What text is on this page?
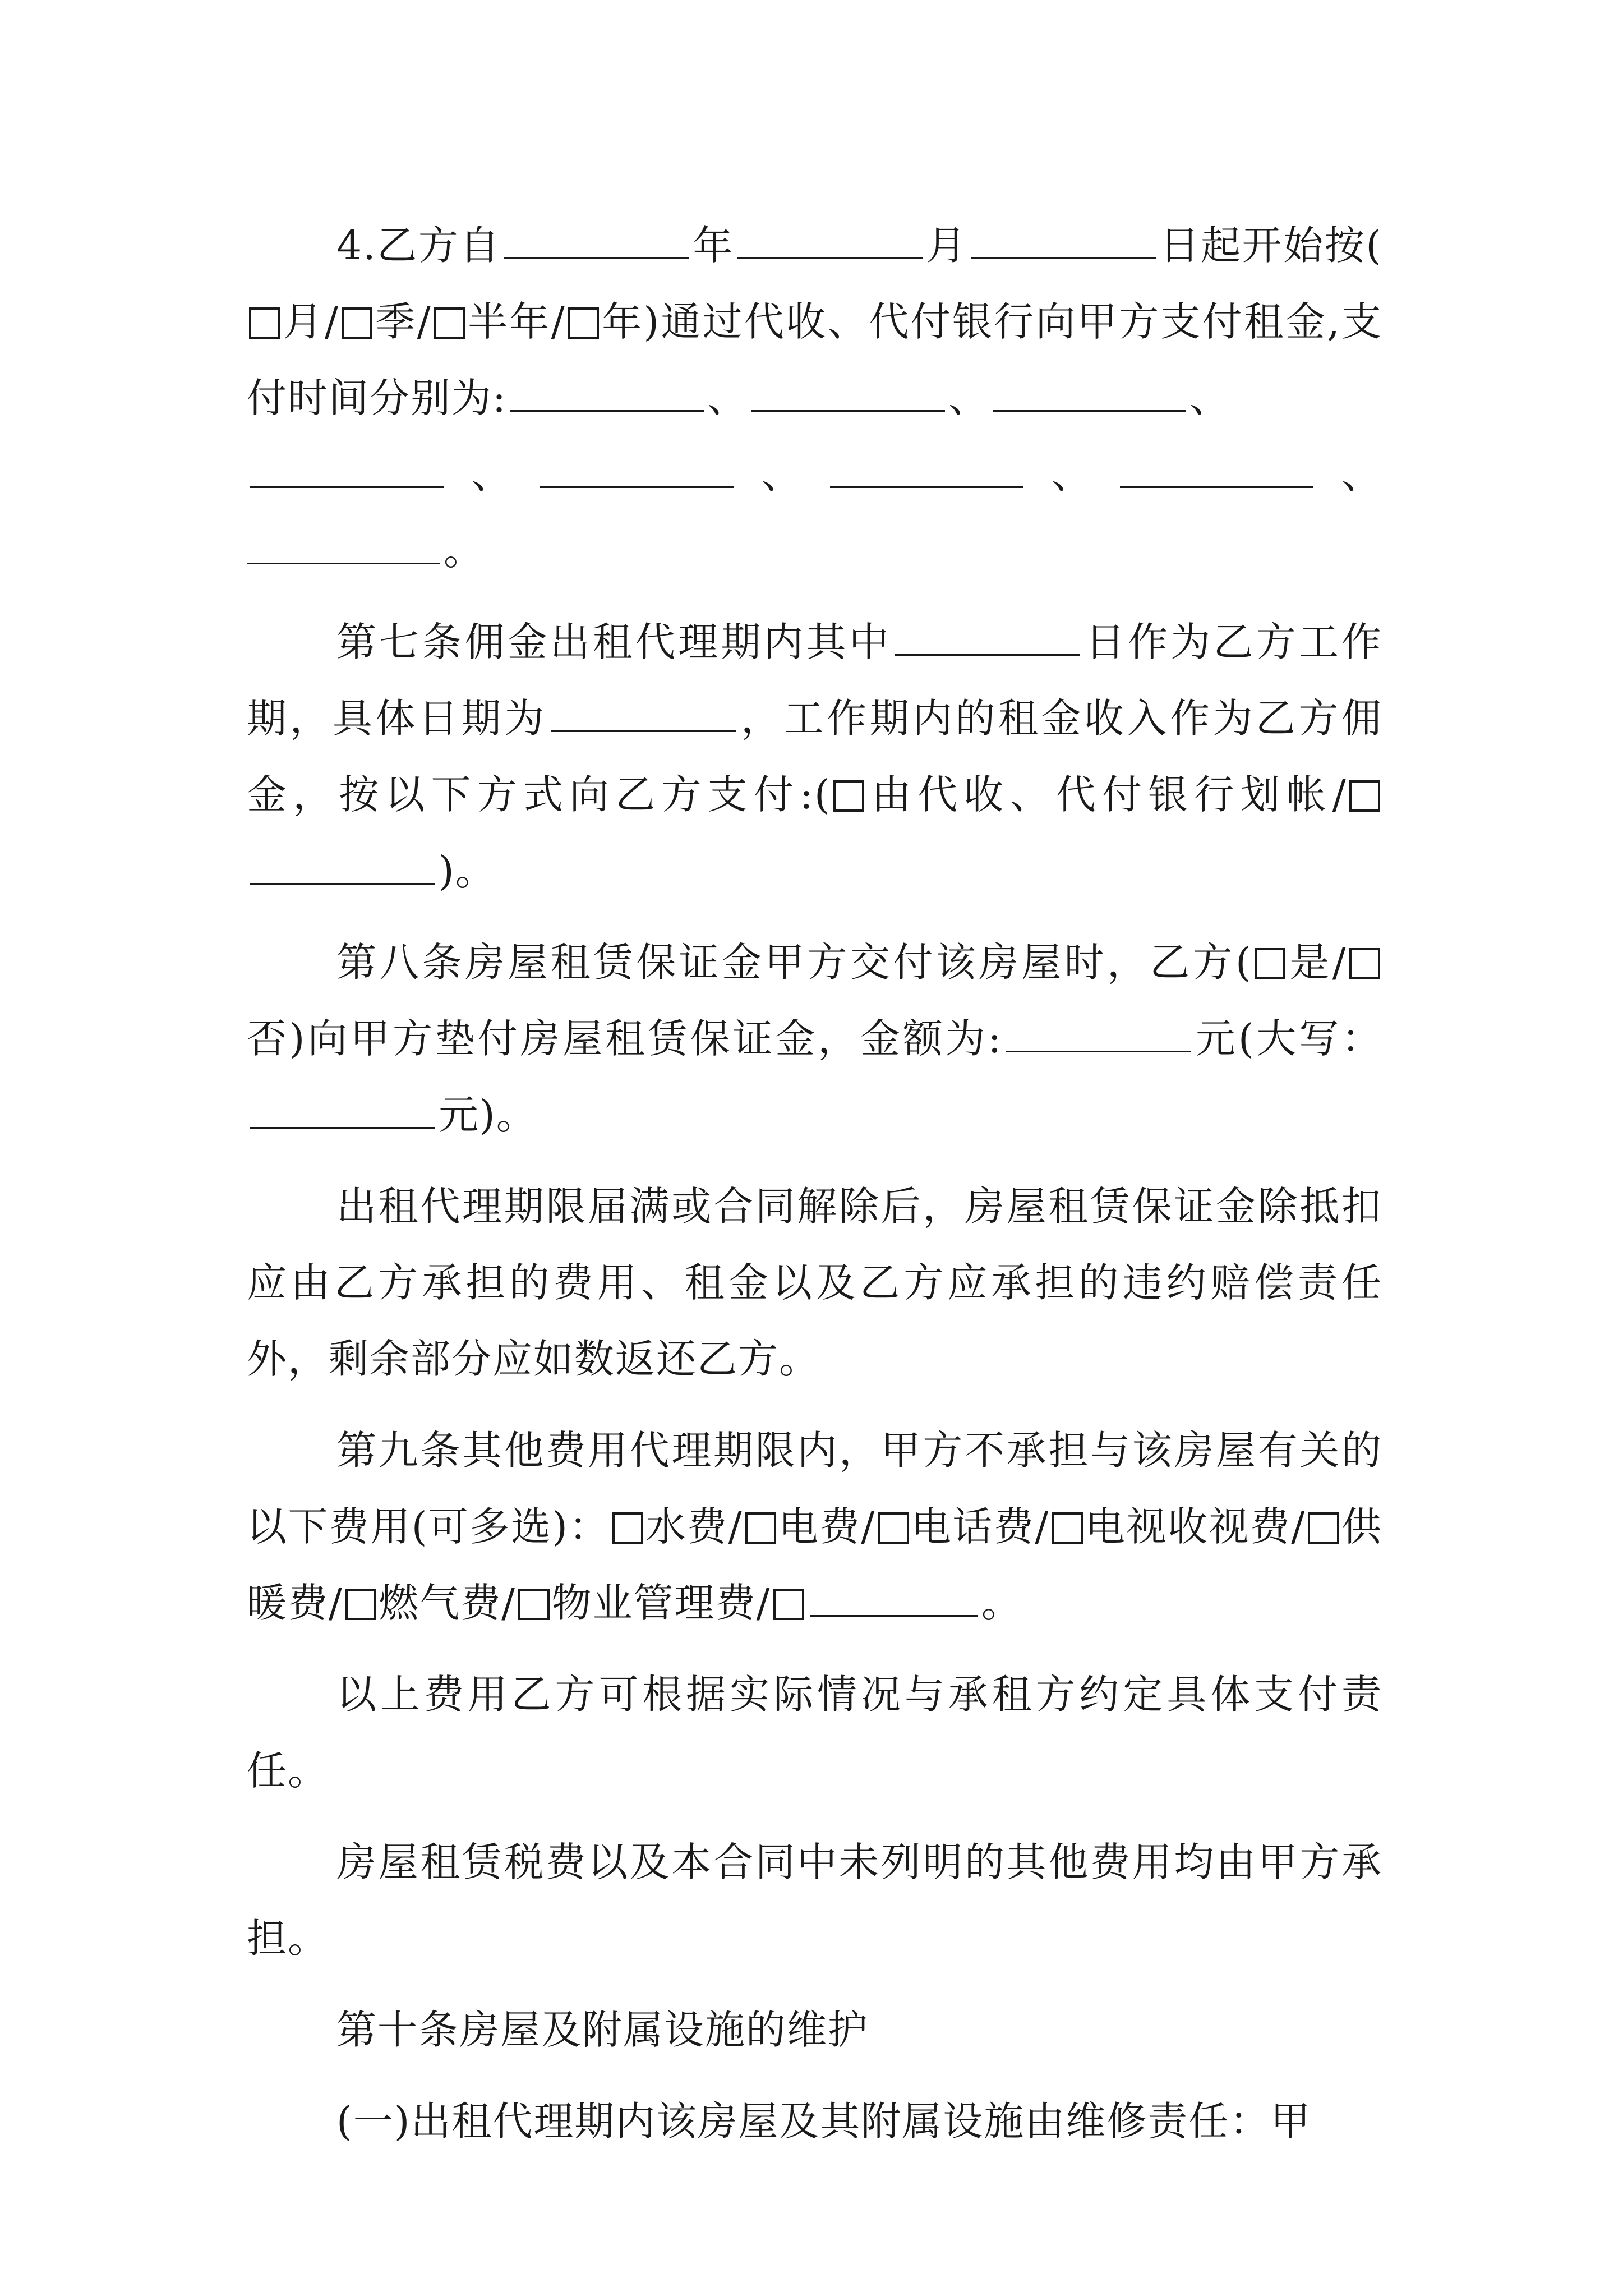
4.乙方自	年	月	日起开始按(月/ 季/ 半年/ 年)通过代收、代付银行向甲方支付租金,支付时间分别为:	、	、	、

、	、	、	、

。

第七条佣金出租代理期内其中	日作为乙方工作期，具体日期为	，工作期内的租金收入作为乙方佣金，按以下方式向乙方支付:( 由代收、代付银行划帐/)。

第八条房屋租赁保证金甲方交付该房屋时，乙方( 是/否)向甲方垫付房屋租赁保证金，金额为:	元(大写：元)。

出租代理期限届满或合同解除后，房屋租赁保证金除抵扣应由乙方承担的费用、租金以及乙方应承担的违约赔偿责任外，剩余部分应如数返还乙方。

第九条其他费用代理期限内，甲方不承担与该房屋有关的以下费用(可多选)： 水费/ 电费/ 电话费/ 电视收视费/ 供暖费/ 燃气费/ 物业管理费/	。

以上费用乙方可根据实际情况与承租方约定具体支付责任。

房屋租赁税费以及本合同中未列明的其他费用均由甲方承担。

第十条房屋及附属设施的维护

(一)出租代理期内该房屋及其附属设施由维修责任：甲
